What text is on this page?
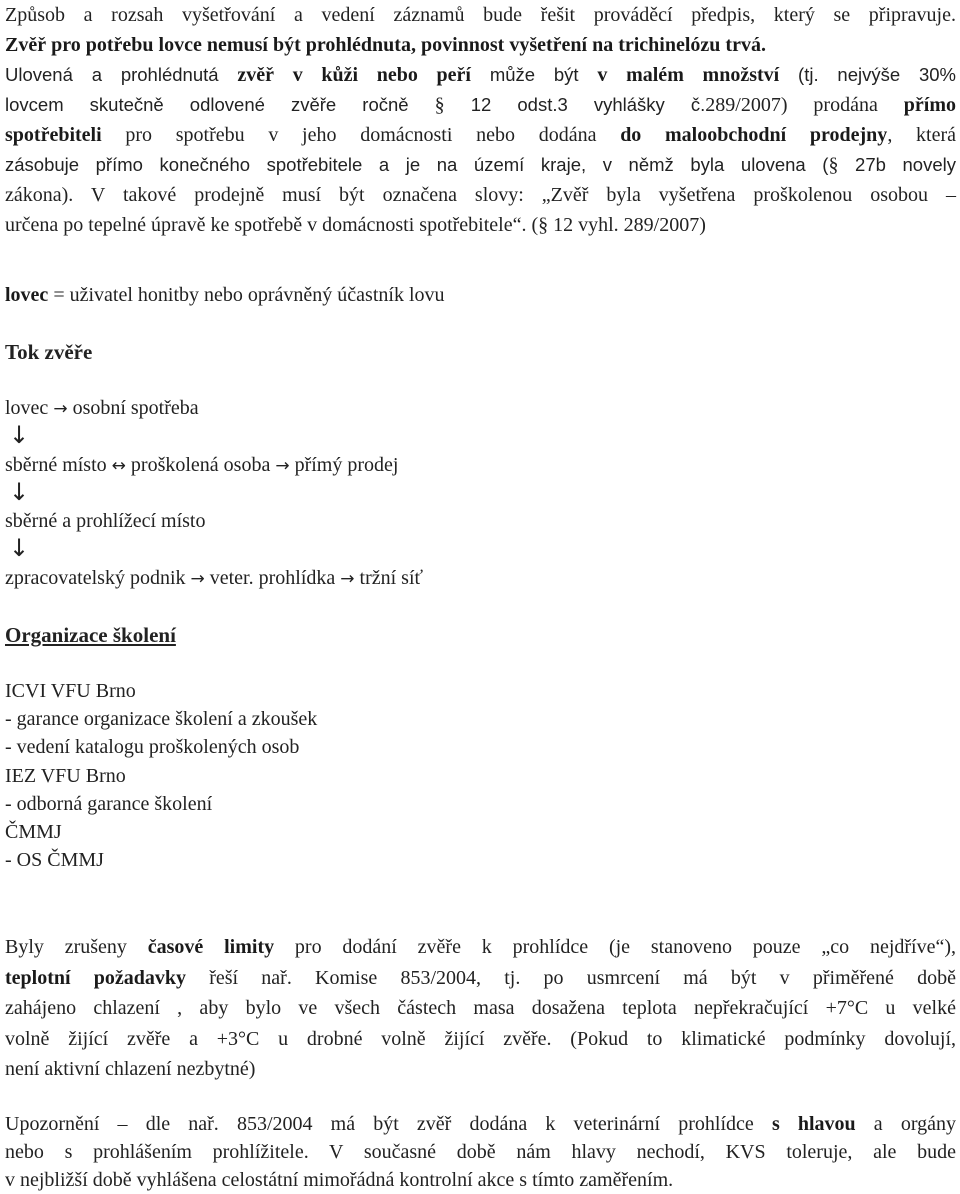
Způsob a rozsah vyšetřování a vedení záznamů bude řešit prováděcí předpis, který se připravuje.

Zvěř pro potřebu lovce nemusí být prohlédnuta, povinnost vyšetření na trichinelózu trvá.

Ulovená a prohlédnutá zvěř v kůži nebo peří může být v malém množství (tj. nejvýše 30%

lovcem skutečně odlovené zvěře ročně § 12 odst.3 vyhlášky č.289/2007) prodána přímo

spotřebiteli pro spotřebu v jeho domácnosti nebo dodána do maloobchodní prodejny, která

zásobuje přímo konečného spotřebitele a je na území kraje, v němž byla ulovena (§ 27b novely

zákona). V takové prodejně musí být označena slovy: „Zvěř byla vyšetřena proškolenou osobou –

určena po tepelné úpravě ke spotřebě v domácnosti spotřebitele“. (§ 12 vyhl. 289/2007)

lovec = uživatel honitby nebo oprávněný účastník lovu

Tok zvěře

lovec → osobní spotřeba

↓

sběrné místo ↔ proškolená osoba → přímý prodej

↓

sběrné a prohlížecí místo

↓

zpracovatelský podnik → veter. prohlídka → tržní síť

Organizace školení

ICVI VFU Brno

- garance organizace školení a zkoušek

- vedení katalogu proškolených osob

IEZ VFU Brno

- odborná garance školení

ČMMJ

- OS ČMMJ

Byly zrušeny časové limity pro dodání zvěře k prohlídce (je stanoveno pouze „co nejdříve“),

teplotní požadavky řeší nař. Komise 853/2004, tj. po usmrcení má být v přiměřené době

zahájeno chlazení , aby bylo ve všech částech masa dosažena teplota nepřekračující +7°C u velké

volně žijící zvěře a +3°C u drobné volně žijící zvěře. (Pokud to klimatické podmínky dovolují,

není aktivní chlazení nezbytné)

Upozornění – dle nař. 853/2004 má být zvěř dodána k veterinární prohlídce s hlavou a orgány

nebo s prohlášením prohlížitele. V současné době nám hlavy nechodí, KVS toleruje, ale bude

v nejbližší době vyhlášena celostátní mimořádná kontrolní akce s tímto zaměřením.
